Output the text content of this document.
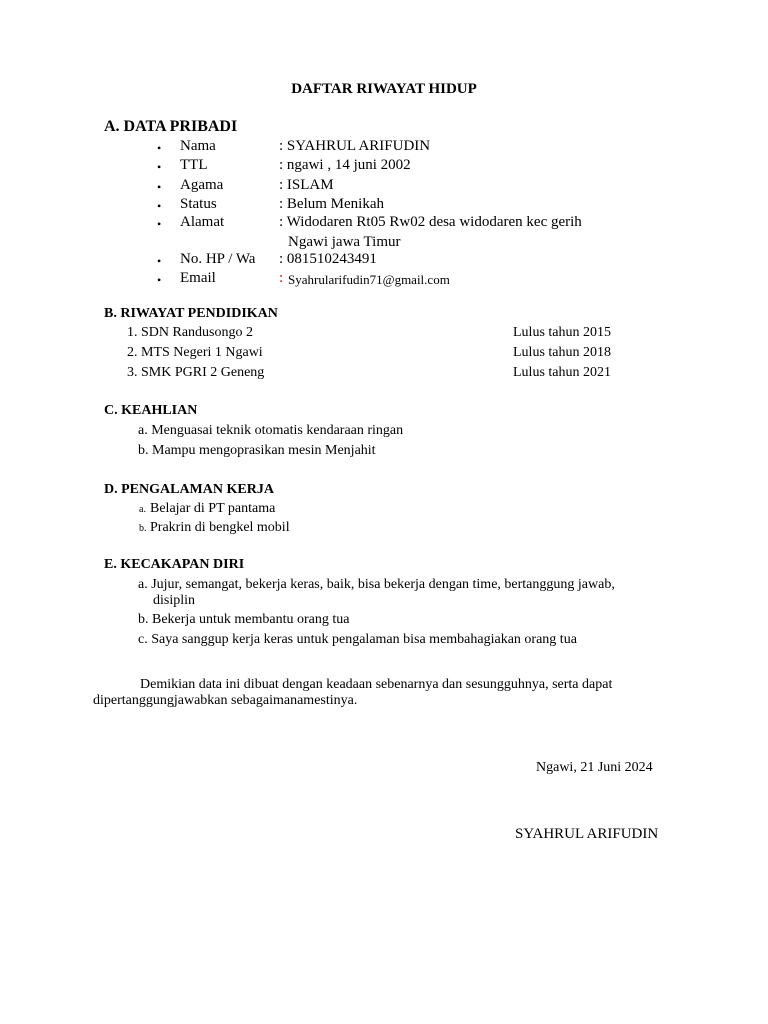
DAFTAR RIWAYAT HIDUP
A. DATA PRIBADI
• Nama	: SYAHRUL ARIFUDIN
• TTL	: ngawi , 14 juni 2002
• Agama	: ISLAM
• Status	: Belum Menikah
• Alamat	: Widodaren Rt05 Rw02 desa widodaren kec gerih
Ngawi jawa Timur
• No. HP / Wa : 081510243491
• Email	: Syahrularifudin71@gmail.com
B. RIWAYAT PENDIDIKAN
1. SDN Randusongo 2	Lulus tahun 2015
2. MTS Negeri 1 Ngawi	Lulus tahun 2018
3. SMK PGRI 2 Geneng	Lulus tahun 2021
C. KEAHLIAN
a. Menguasai teknik otomatis kendaraan ringan
b. Mampu mengoprasikan mesin Menjahit
D. PENGALAMAN KERJA
a. Belajar di PT pantama
b. Prakrin di bengkel mobil
E. KECAKAPAN DIRI
a. Jujur, semangat, bekerja keras, baik, bisa bekerja dengan time, bertanggung jawab,
disiplin
b. Bekerja untuk membantu orang tua
c. Saya sanggup kerja keras untuk pengalaman bisa membahagiakan orang tua
Demikian data ini dibuat dengan keadaan sebenarnya dan sesungguhnya, serta dapat
dipertanggungjawabkan sebagaimanamestinya.
Ngawi, 21 Juni 2024
SYAHRUL ARIFUDIN
